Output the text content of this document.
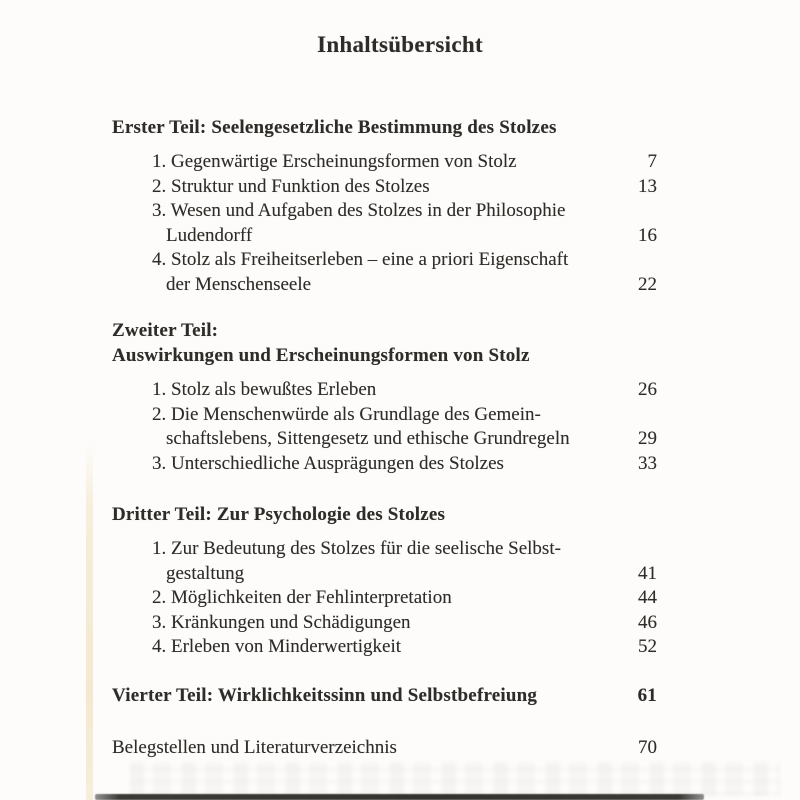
Inhaltsübersicht
Erster Teil: Seelengesetzliche Bestimmung des Stolzes
1. Gegenwärtige Erscheinungsformen von Stolz	7
2. Struktur und Funktion des Stolzes	13
3. Wesen und Aufgaben des Stolzes in der Philosophie
Ludendorff	16
4. Stolz als Freiheitserleben – eine a priori Eigenschaft
der Menschenseele	22
Zweiter Teil:
Auswirkungen und Erscheinungsformen von Stolz
1. Stolz als bewußtes Erleben	26
2. Die Menschenwürde als Grundlage des Gemein-
schaftslebens, Sittengesetz und ethische Grundregeln	29
3. Unterschiedliche Ausprägungen des Stolzes	33
Dritter Teil: Zur Psychologie des Stolzes
1. Zur Bedeutung des Stolzes für die seelische Selbst-
gestaltung	41
2. Möglichkeiten der Fehlinterpretation	44
3. Kränkungen und Schädigungen	46
4. Erleben von Minderwertigkeit	52
Vierter Teil: Wirklichkeitssinn und Selbstbefreiung	61
Belegstellen und Literaturverzeichnis	70
